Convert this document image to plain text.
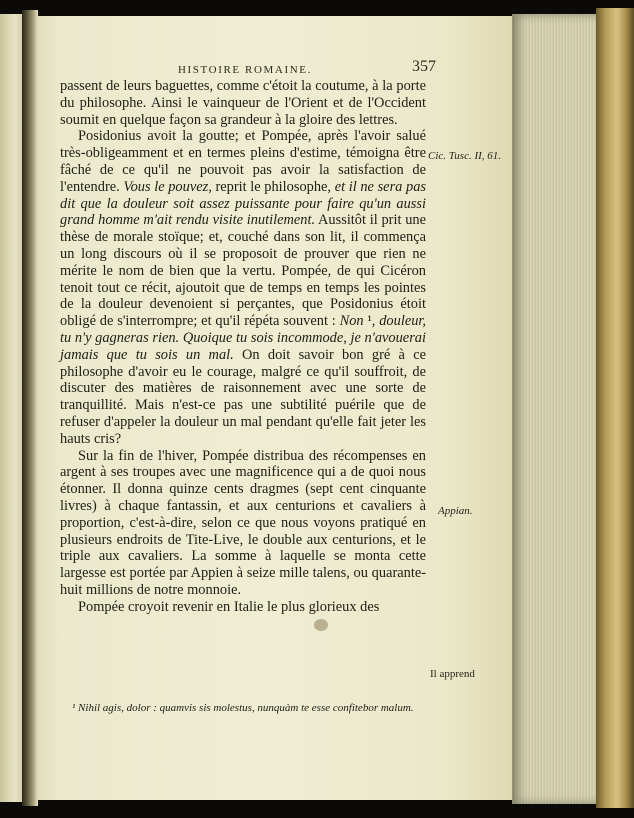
HISTOIRE ROMAINE.	357

passent de leurs baguettes, comme c'étoit la coutume, à la porte du philosophe. Ainsi le vainqueur de l'Orient et de l'Occident soumit en quelque façon sa grandeur à la gloire des lettres.

Posidonius avoit la goutte; et Pompée, après l'avoir salué très-obligeamment et en termes pleins d'estime, témoigna être fâché de ce qu'il ne pouvoit pas avoir la satisfaction de l'entendre. Vous le pouvez, reprit le philosophe, et il ne sera pas dit que la douleur soit assez puissante pour faire qu'un aussi grand homme m'ait rendu visite inutilement. Aussitôt il prit une thèse de morale stoïque; et, couché dans son lit, il commença un long discours où il se proposoit de prouver que rien ne mérite le nom de bien que la vertu. Pompée, de qui Cicéron tenoit tout ce récit, ajoutoit que de temps en temps les pointes de la douleur devenoient si perçantes, que Posidonius étoit obligé de s'interrompre; et qu'il répéta souvent : Non ¹, douleur, tu n'y gagneras rien. Quoique tu sois incommode, je n'avouerai jamais que tu sois un mal. On doit savoir bon gré à ce philosophe d'avoir eu le courage, malgré ce qu'il souffroit, de discuter des matières de raisonnement avec une sorte de tranquillité. Mais n'est-ce pas une subtilité puérile que de refuser d'appeler la douleur un mal pendant qu'elle fait jeter les hauts cris?

Sur la fin de l'hiver, Pompée distribua des récompenses en argent à ses troupes avec une magnificence qui a de quoi nous étonner. Il donna quinze cents dragmes (sept cent cinquante livres) à chaque fantassin, et aux centurions et cavaliers à proportion, c'est-à-dire, selon ce que nous voyons pratiqué en plusieurs endroits de Tite-Live, le double aux centurions, et le triple aux cavaliers. La somme à laquelle se monta cette largesse est portée par Appien à seize mille talens, ou quarante-huit millions de notre monnoie.

Pompée croyoit revenir en Italie le plus glorieux des

Cic. Tusc. II, 61.
Appian.
Il apprend
¹ Nihil agis, dolor : quamvis sis molestus, nunquàm te esse confitebor malum.
